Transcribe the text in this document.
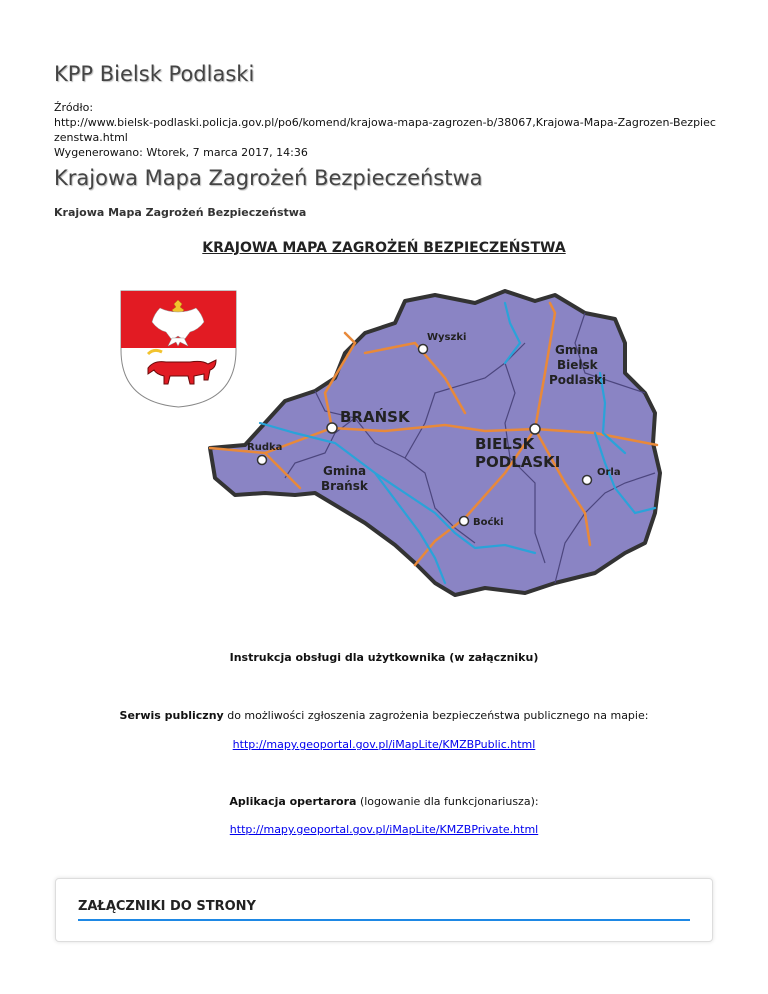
KPP Bielsk Podlaski
Źródło:
http://www.bielsk-podlaski.policja.gov.pl/po6/komend/krajowa-mapa-zagrozen-b/38067,Krajowa-Mapa-Zagrozen-Bezpieczenstwa.html
Wygenerowano: Wtorek, 7 marca 2017, 14:36
Krajowa Mapa Zagrożeń Bezpieczeństwa
Krajowa Mapa Zagrożeń Bezpieczeństwa
KRAJOWA MAPA ZAGROŻEŃ BEZPIECZEŃSTWA
Wyszki
Gmina
Bielsk
Podlaski
BRAŃSK
Rudka
Gmina
Brańsk
BIELSK
PODLASKI
Orla
Boćki
Instrukcja obsługi dla użytkownika (w załączniku)
Serwis publiczny do możliwości zgłoszenia zagrożenia bezpieczeństwa publicznego na mapie:
http://mapy.geoportal.gov.pl/iMapLite/KMZBPublic.html
Aplikacja opertarora (logowanie dla funkcjonariusza):
http://mapy.geoportal.gov.pl/iMapLite/KMZBPrivate.html
ZAŁĄCZNIKI DO STRONY
